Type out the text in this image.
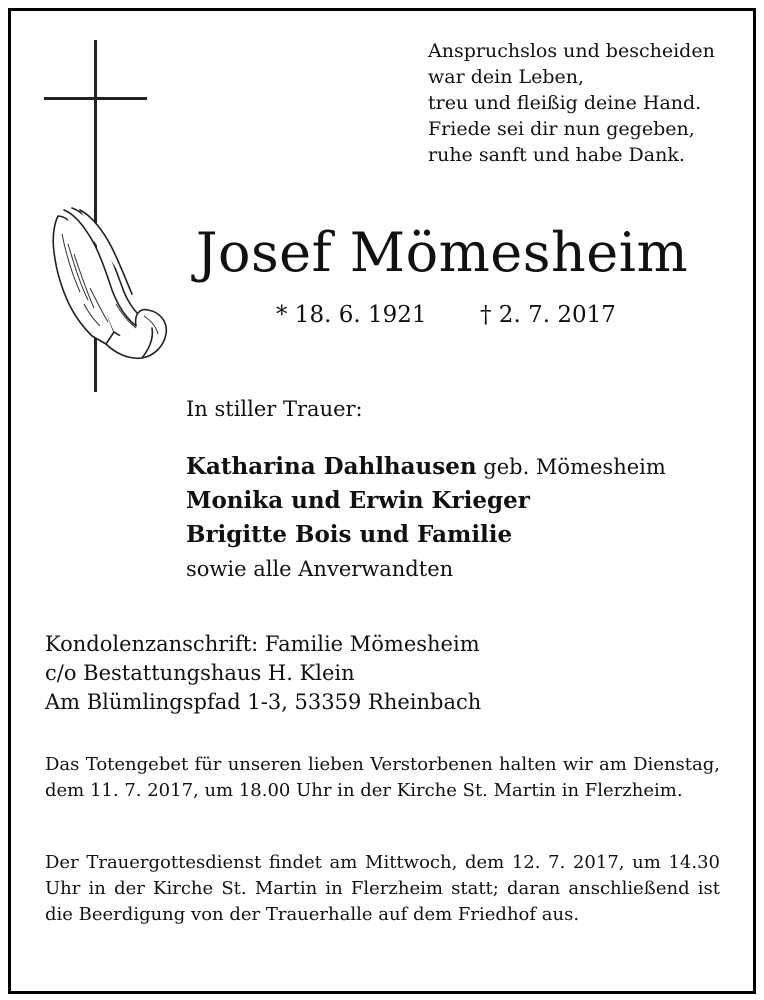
Anspruchslos und bescheiden
war dein Leben,
treu und fleißig deine Hand.
Friede sei dir nun gegeben,
ruhe sanft und habe Dank.
Josef Mömesheim
* 18. 6. 1921 † 2. 7. 2017
In stiller Trauer:
Katharina Dahlhausen geb. Mömesheim
Monika und Erwin Krieger
Brigitte Bois und Familie
sowie alle Anverwandten
Kondolenzanschrift: Familie Mömesheim
c/o Bestattungshaus H. Klein
Am Blümlingspfad 1-3, 53359 Rheinbach
Das Totengebet für unseren lieben Verstorbenen halten wir am Dienstag, dem 11. 7. 2017, um 18.00 Uhr in der Kirche St. Martin in Flerzheim.
Der Trauergottesdienst findet am Mittwoch, dem 12. 7. 2017, um 14.30 Uhr in der Kirche St. Martin in Flerzheim statt; daran anschließend ist die Beerdigung von der Trauerhalle auf dem Friedhof aus.
